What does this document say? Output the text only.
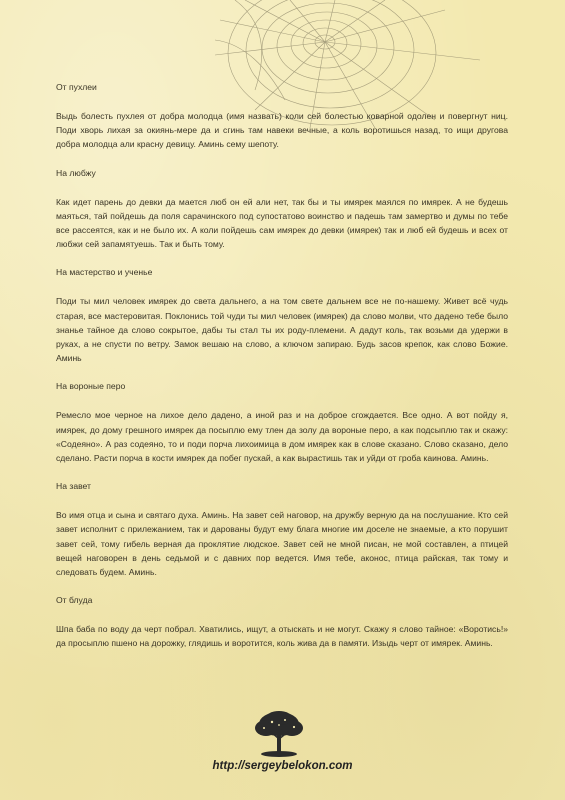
От пухлеи
Выдь болесть пухлея от добра молодца (имя назвать) коли сей болестью коварной одолен и повергнут ниц. Поди хворь лихая за окиянь-мере да и сгинь там навеки вечные, а коль воротишься назад, то ищи другова добра молодца али красну девицу. Аминь сему шепоту.
На любжу
Как идет парень до девки да мается люб он ей али нет, так бы и ты имярек маялся по имярек. А не будешь маяться, тай пойдешь да поля сарачинского под супостатово воинство и падешь там замертво и думы по тебе все рассеятся, как и не было их. А коли пойдешь сам имярек до девки (имярек) так и люб ей будешь и всех от любжи сей запамятуешь. Так и быть тому.
На мастерство и ученье
Поди ты мил человек имярек до света дальнего, а на том свете дальнем все не по-нашему. Живет всё чудь старая, все мастеровитая. Поклонись той чуди ты мил человек (имярек) да слово молви, что дадено тебе было знанье тайное да слово сокрытое, дабы ты стал ты их роду-племени. А дадут коль, так возьми да удержи в руках, а не спусти по ветру. Замок вешаю на слово, а ключом запираю. Будь засов крепок, как слово Божие. Аминь
На вороные перо
Ремесло мое черное на лихое дело дадено, а иной раз и на доброе сгождается. Все одно. А вот пойду я, имярек, до дому грешного имярек да посыплю ему тлен да золу да вороные перо, а как подсыплю так и скажу: «Содеяно». А раз содеяно, то и поди порча лихоимица в дом имярек как в слове сказано. Слово сказано, дело сделано. Расти порча в кости имярек да побег пускай, а как вырастишь так и уйди от гроба каинова. Аминь.
На завет
Во имя отца и сына и святаго духа. Аминь. На завет сей наговор, на дружбу верную да на послушание. Кто сей завет исполнит с прилежанием, так и дарованы будут ему блага многие им доселе не знаемые, а кто порушит завет сей, тому гибель верная да проклятие людское. Завет сей не мной писан, не мой составлен, а птицей вещей наговорен в день седьмой и с давних пор ведется. Имя тебе, аконос, птица райская, так тому и следовать будем. Аминь.
От блуда
Шпа баба по воду да черт побрал. Хватились, ищут, а отыскать и не могут. Скажу я слово тайное: «Воротись!» да просыплю пшено на дорожку, глядишь и воротится, коль жива да в памяти. Изыдь черт от имярек. Аминь.
http://sergeybelokon.com
